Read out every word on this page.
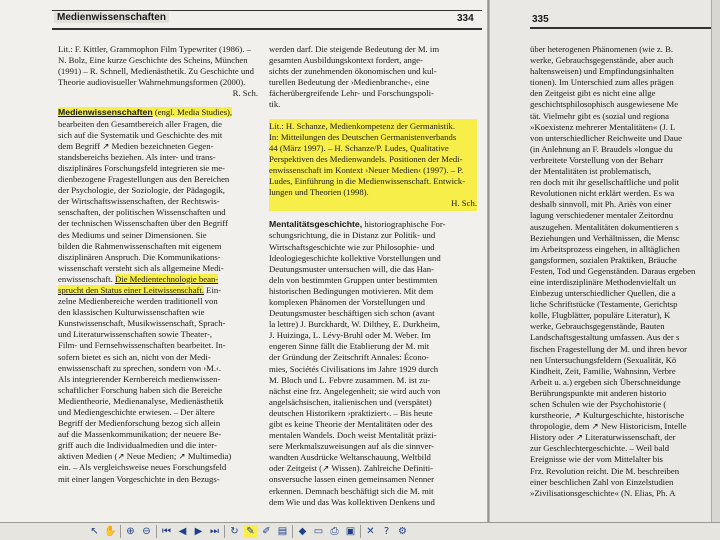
Medienwissenschaften	334
Lit.: F. Kittler, Grammophon Film Typewriter (1986). –
N. Bolz, Eine kurze Geschichte des Scheins, München
(1991) – R. Schnell, Medienästhetik. Zu Geschichte und
Theorie audiovisueller Wahrnehmungsformen (2000).
R. Sch.
Medienwissenschaften (engl. Media Studies),
bearbeiten den Gesamtbereich aller Fragen, die
sich auf die Systematik und Geschichte des mit
dem Begriff ↗ Medien bezeichneten Gegen-
standsbereichs beziehen. Als inter- und trans-
disziplinäres Forschungsfeld integrieren sie me-
dienbezogene Fragestellungen aus den Bereichen
der Psychologie, der Soziologie, der Pädagogik,
der Wirtschaftswissenschaften, der Rechtswis-
senschaften, der politischen Wissenschaften und
der technischen Wissenschaften über den Begriff
des Mediums und seiner Dimensionen. Sie
bilden die Rahmenwissenschaften mit eigenem
disziplinären Anspruch. Die Kommunikations-
wissenschaft versteht sich als allgemeine Medi-
enwissenschaft. Die Medientechnologie bean-
sprucht den Status einer Leitwissenschaft. Ein-
zelne Medienbereiche werden traditionell von
den klassischen Kulturwissenschaften wie
Kunstwissenschaft, Musikwissenschaft, Sprach-
und Literaturwissenschaften sowie Theater-,
Film- und Fernsehwissenschaften bearbeitet. In-
sofern bietet es sich an, nicht von der Medi-
enwissenschaft zu sprechen, sondern von ›M.‹.
Als integrierender Kernbereich medienwissen-
schaftlicher Forschung haben sich die Bereiche
Medientheorie, Medienanalyse, Medienästhetik
und Mediengeschichte erwiesen. – Der ältere
Begriff der Medienforschung bezog sich allein
auf die Massenkommunikation; der neuere Be-
griff auch die Individualmedien und die inter-
aktiven Medien (↗ Neue Medien; ↗ Multimedia)
ein. – Als vergleichsweise neues Forschungsfeld
mit einer langen Vorgeschichte in den Bezugs-
werden darf. Die steigende Bedeutung der M. im
gesamten Ausbildungskontext fordert, ange-
sichts der zunehmenden ökonomischen und kul-
turellen Bedeutung der ›Medienbranche‹, eine
fächerübergreifende Lehr- und Forschungspoli-
tik.
Lit.: H. Schanze, Medienkompetenz der Germanistik.
In: Mitteilungen des Deutschen Germanistenverbands
44 (März 1997). – H. Schanze/P. Ludes, Qualitative
Perspektiven des Medienwandels. Positionen der Medi-
enwissenschaft im Kontext ›Neuer Medien‹ (1997). – P.
Ludes, Einführung in die Medienwissenschaft. Entwick-
lungen und Theorien (1998).
H. Sch.
Mentalitätsgeschichte, historiographische For-
schungsrichtung, die in Distanz zur Politik- und
Wirtschaftsgeschichte wie zur Philosophie- und
Ideologiegeschichte kollektive Vorstellungen und
Deutungsmuster untersuchen will, die das Han-
deln von bestimmten Gruppen unter bestimmten
historischen Bedingungen motivieren. Mit dem
komplexen Phänomen der Vorstellungen und
Deutungsmuster beschäftigen sich schon (avant
la lettre) J. Burckhardt, W. Dilthey, E. Durkheim,
J. Huizinga, L. Lévy-Bruhl oder M. Weber. Im
engeren Sinne fällt die Etablierung der M. mit
der Gründung der Zeitschrift Annales: Écono-
mies, Sociétés Civilisations im Jahre 1929 durch
M. Bloch und L. Febvre zusammen. M. ist zu-
nächst eine frz. Angelegenheit; sie wird auch von
angelsächsischen, italienischen und (verspätet)
deutschen Historikern ›praktiziert‹. – Bis heute
gibt es keine Theorie der Mentalitäten oder des
mentalen Wandels. Doch weist Mentalität präzi-
sere Merkmalszuweisungen auf als die sinnver-
wandten Ausdrücke Weltanschauung, Weltbild
oder Zeitgeist (↗ Wissen). Zahlreiche Definiti-
onsversuche lassen einen gemeinsamen Nenner
erkennen. Demnach beschäftigt sich die M. mit
dem Wie und das Was kollektiven Denkens und
335
über heterogenen Phänomenen (wie z. B.
werke, Gebrauchsgegenstände, aber auch
haltensweisen) und Empfindungsinhalten
tionen). Im Unterschied zum alles prägen
den Zeitgeist gibt es nicht eine allge
geschichtsphilosophisch ausgewiesene Me
tät. Vielmehr gibt es (sozial und regiona
»Koexistenz mehrerer Mentalitäten« (J. L
von unterschiedlicher Reichweite und Daue
(in Anlehnung an F. Braudels »longue du
verbreitete Vorstellung von der Beharr
der Mentalitäten ist problematisch,
ren doch mit ihr gesellschaftliche und polit
Revolutionen nicht erklärt werden. Es wa
deshalb sinnvoll, mit Ph. Ariès von einer
lagung verschiedener mentaler Zeitordnu
auszugehen. Mentalitäten dokumentieren s
Beziehungen und Verhältnissen, die Mensc
im Arbeitsprozess eingehen, in alltäglichen
gangsformen, sozialen Praktiken, Bräuche
Festen, Tod und Gegenständen. Daraus ergeben
eine interdisziplinäre Methodenvielfalt un
Einbezug unterschiedlicher Quellen, die a
liche Schriftstücke (Testamente, Gerichtsp
kolle, Flugblätter, populäre Literatur), K
werke, Gebrauchsgegenstände, Bauten
Landschaftsgestaltung umfassen. Aus der s
fischen Fragestellung der M. und ihren bevor
nen Untersuchungsfeldern (Sexualität, Kö
Kindheit, Zeit, Familie, Wahnsinn, Verbre
Arbeit u. a.) ergeben sich Überschneidunge
Berührungspunkte mit anderen historio
schen Schulen wie der Psychohistorie (
kurstheorie, ↗ Kulturgeschichte, historische
thropologie, dem ↗ New Historicism, Intelle
History oder ↗ Literaturwissenschaft, der
zur Geschlechtergeschichte. – Weil bald
Ereignisse wie der vom Mittelalter bis
Frz. Revolution reicht. Die M. beschreiben
einer beschlichen Zahl von Einzelstudien
»Zivilisationsgeschichte« (N. Elias, Ph. A
↖ ✋ ⊕ ⊖ ⏮ ◀ ▶ ⏭ ↻ ✎ ✐ ▤ ◆ ▭ ⎙ ▣ ✕ ? ⚙
